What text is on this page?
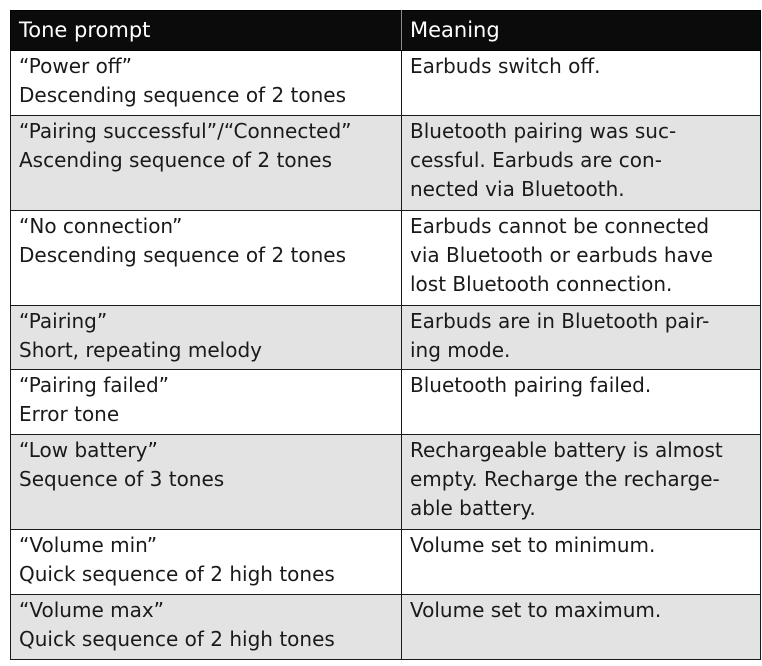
Tone prompt	Meaning

“Power off”
Descending sequence of 2 tones	Earbuds switch off.

“Pairing successful”/“Connected”
Ascending sequence of 2 tones	Bluetooth pairing was suc-
cessful. Earbuds are con-
nected via Bluetooth.

“No connection”
Descending sequence of 2 tones	Earbuds cannot be connected
via Bluetooth or earbuds have
lost Bluetooth connection.

“Pairing”
Short, repeating melody	Earbuds are in Bluetooth pair-
ing mode.

“Pairing failed”
Error tone	Bluetooth pairing failed.

“Low battery”
Sequence of 3 tones	Rechargeable battery is almost
empty. Recharge the recharge-
able battery.

“Volume min”
Quick sequence of 2 high tones	Volume set to minimum.

“Volume max”
Quick sequence of 2 high tones	Volume set to maximum.
